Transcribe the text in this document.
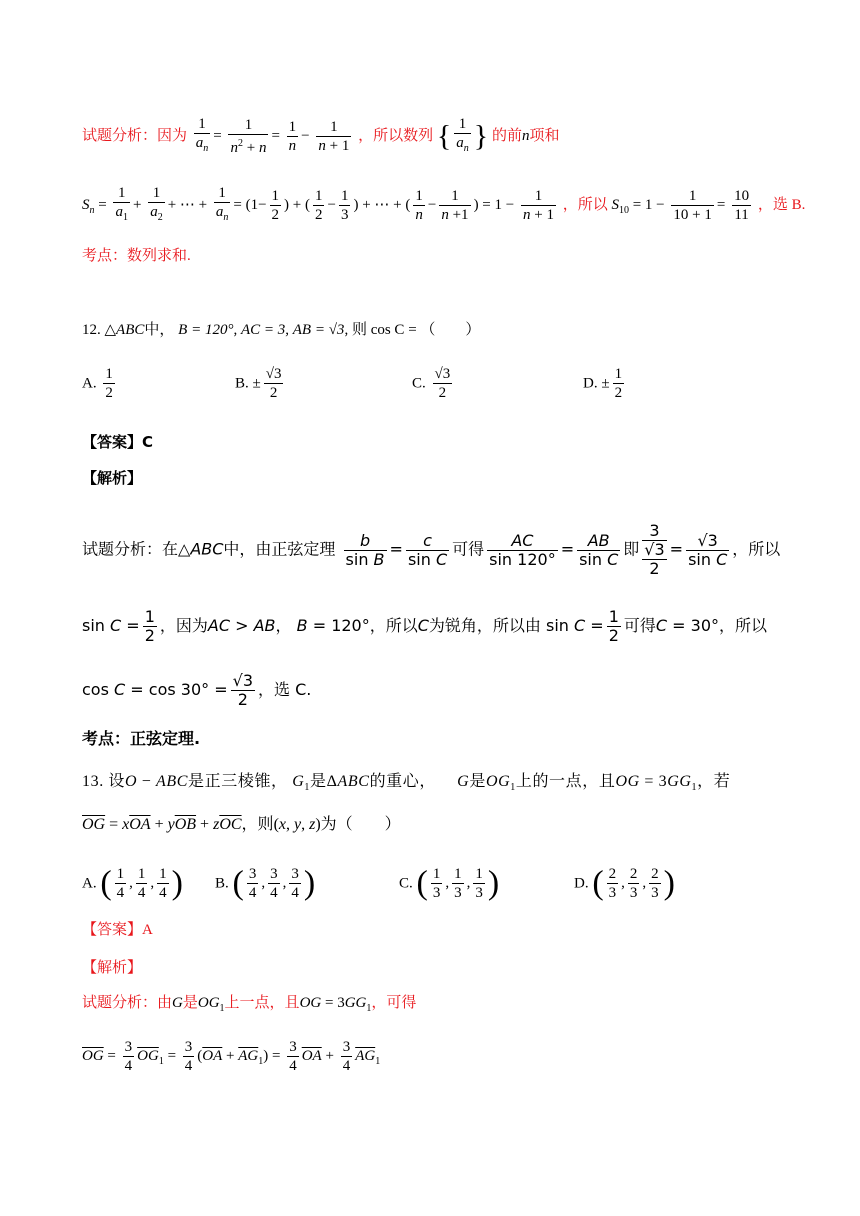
试题分析：因为 $\frac{1}{a_n} = \frac{1}{n^2 + n} = \frac{1}{n} - \frac{1}{n + 1}$ ，所以数列 { $\frac{1}{a_n}$ } 的前n项和
$S_n = \frac{1}{a_1} + \frac{1}{a_2}$ + ⋯ + $\frac{1}{a_n} = (1- \frac{1}{2}$ ) + ( $\frac{1}{2} - \frac{1}{3}$ ) + ⋯ + ( $\frac{1}{n} - \frac{1}{n +1}$ ) = $1 - \frac{1}{n + 1}$ ，所以 $S_{10} = 1 - \frac{1}{10 + 1} = \frac{10}{11}$ ，选 B.
考点：数列求和.
12. △ABC中， B = 120°, AC = 3, AB = √3, 则 cos C = （　　）
A. $\frac{1}{2}$	B. ± $\frac{√3}{2}$	C. $\frac{√3}{2}$	D. ± $\frac{1}{2}$
【答案】C
【解析】
试题分析：在△ABC中，由正弦定理 $\frac{b}{\text{sin B}} = \frac{c}{\text{sin C}}$ 可得 $\frac{AC}{\sin 120^\circ} = \frac{AB}{\text{sin C}}$ 即
3
√3
2
= $\frac{√3}{\text{sin C}}$ ，所以
$\sin C = \frac{1}{2}$ ，因为AC > AB， B = 120°，所以C为锐角，所以由 $\sin C = \frac{1}{2}$ 可得C = 30°，所以
$\cos C = \cos 30^\circ = \frac{√3}{2}$ ，选 C.
考点：正弦定理.
13. 设O − ABC是正三棱锥， $G_1$是ΔABC的重心， 　 G是$OG_1$上的一点，且OG = $3GG_1$，若
$\overline{OG} = x\overline{OA} + y\overline{OB} + z\overline{OC}$，则(x, y, z)为（　　）
A. ( $\frac{1}{4}$ , $\frac{1}{4}$ , $\frac{1}{4}$ ) B. ( $\frac{3}{4}$ , $\frac{3}{4}$ , $\frac{3}{4}$ )	C. ( $\frac{1}{3}$ , $\frac{1}{3}$ , $\frac{1}{3}$ )	D. ( $\frac{2}{3}$ , $\frac{2}{3}$ , $\frac{2}{3}$ )
【答案】A
【解析】
试题分析：由G是$OG_1$上一点，且OG = $3GG_1$，可得
$\overline{OG} = \frac{3}{4} \overline{OG}_1 = \frac{3}{4} (\overline{OA} + \overline{AG}_1) = \frac{3}{4} \overline{OA} + \frac{3}{4} \overline{AG}_1$
